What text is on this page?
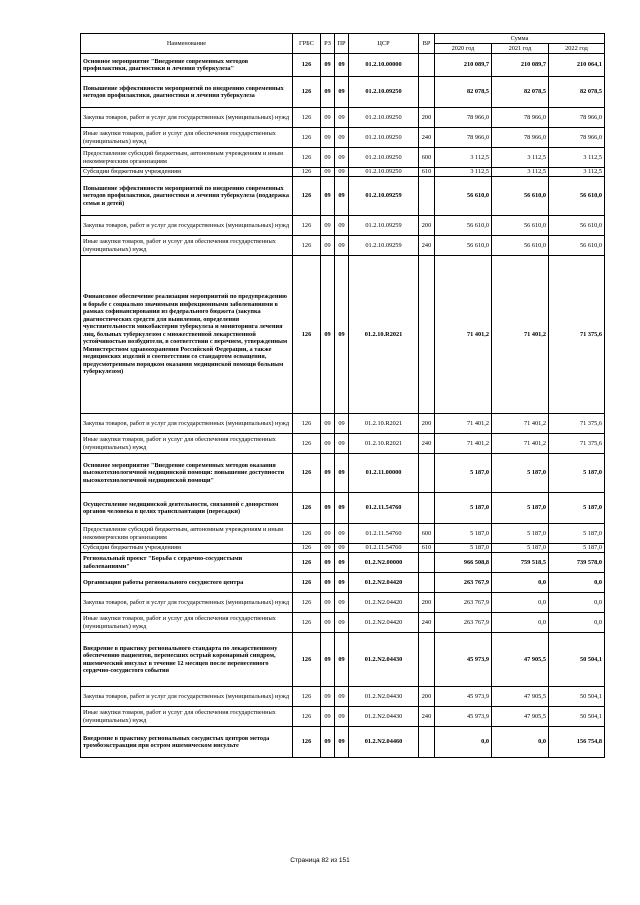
Наименование	ГРБС	РЗ	ПР	ЦСР	ВР	Сумма		
						2020 год	2021 год	2022 год
Основное мероприятие "Внедрение современных методов профилактики, диагностики и лечения туберкулеза"	126	09	09	01.2.10.00000		210 089,7	210 089,7	210 064,1
Повышение эффективности мероприятий по внедрению современных методов профилактики, диагностики и лечения туберкулеза	126	09	09	01.2.10.09250		82 078,5	82 078,5	82 078,5
Закупка товаров, работ и услуг для государственных (муниципальных) нужд	126	09	09	01.2.10.09250	200	78 966,0	78 966,0	78 966,0
Иные закупки товаров, работ и услуг для обеспечения государственных (муниципальных) нужд	126	09	09	01.2.10.09250	240	78 966,0	78 966,0	78 966,0
Предоставление субсидий бюджетным, автономным учреждениям и иным некоммерческим организациям	126	09	09	01.2.10.09250	600	3 112,5	3 112,5	3 112,5
Субсидии бюджетным учреждениям	126	09	09	01.2.10.09250	610	3 112,5	3 112,5	3 112,5
Повышение эффективности мероприятий по внедрению современных методов профилактики, диагностики и лечения туберкулеза (поддержка семьи и детей)	126	09	09	01.2.10.09259		56 610,0	56 610,0	56 610,0
Закупка товаров, работ и услуг для государственных (муниципальных) нужд	126	09	09	01.2.10.09259	200	56 610,0	56 610,0	56 610,0
Иные закупки товаров, работ и услуг для обеспечения государственных (муниципальных) нужд	126	09	09	01.2.10.09259	240	56 610,0	56 610,0	56 610,0
Финансовое обеспечение реализации мероприятий по предупреждению и борьбе с социально значимыми инфекционными заболеваниями в рамках софинансирования из федерального бюджета (закупка диагностических средств для выявления, определения чувствительности микобактерии туберкулеза и мониторинга лечения лиц, больных туберкулезом с множественной лекарственной устойчивостью возбудителя, в соответствии с перечнем, утвержденным Министерством здравоохранения Российской Федерации, а также медицинских изделий в соответствии со стандартом оснащения, предусмотренным порядком оказания медицинской помощи больным туберкулезом)	126	09	09	01.2.10.R2021		71 401,2	71 401,2	71 375,6
Закупка товаров, работ и услуг для государственных (муниципальных) нужд	126	09	09	01.2.10.R2021	200	71 401,2	71 401,2	71 375,6
Иные закупки товаров, работ и услуг для обеспечения государственных (муниципальных) нужд	126	09	09	01.2.10.R2021	240	71 401,2	71 401,2	71 375,6
Основное мероприятие "Внедрение современных методов оказания высокотехнологичной медицинской помощи: повышение доступности высокотехнологичной медицинской помощи"	126	09	09	01.2.11.00000		5 187,0	5 187,0	5 187,0
Осуществление медицинской деятельности, связанной с донорством органов человека в целях трансплантации (пересадки)	126	09	09	01.2.11.54760		5 187,0	5 187,0	5 187,0
Предоставление субсидий бюджетным, автономным учреждениям и иным некоммерческим организациям	126	09	09	01.2.11.54760	600	5 187,0	5 187,0	5 187,0
Субсидии бюджетным учреждениям	126	09	09	01.2.11.54760	610	5 187,0	5 187,0	5 187,0
Региональный проект "Борьба с сердечно-сосудистыми заболеваниями"	126	09	09	01.2.N2.00000		966 508,8	759 518,5	739 578,0
Организация работы регионального сосудистого центра	126	09	09	01.2.N2.04420		263 767,9	0,0	0,0
Закупка товаров, работ и услуг для государственных (муниципальных) нужд	126	09	09	01.2.N2.04420	200	263 767,9	0,0	0,0
Иные закупки товаров, работ и услуг для обеспечения государственных (муниципальных) нужд	126	09	09	01.2.N2.04420	240	263 767,9	0,0	0,0
Внедрение в практику регионального стандарта по лекарственному обеспечению пациентов, перенесших острый коронарный синдром, ишемический инсульт в течение 12 месяцев после перенесенного сердечно-сосудистого события	126	09	09	01.2.N2.04430		45 973,9	47 905,5	50 504,1
Закупка товаров, работ и услуг для государственных (муниципальных) нужд	126	09	09	01.2.N2.04430	200	45 973,9	47 905,5	50 504,1
Иные закупки товаров, работ и услуг для обеспечения государственных (муниципальных) нужд	126	09	09	01.2.N2.04430	240	45 973,9	47 905,5	50 504,1
Внедрение в практику региональных сосудистых центров метода тромбоэкстракции при остром ишемическом инсульте	126	09	09	01.2.N2.04460		0,0	0,0	156 754,8
Страница 82 из 151
